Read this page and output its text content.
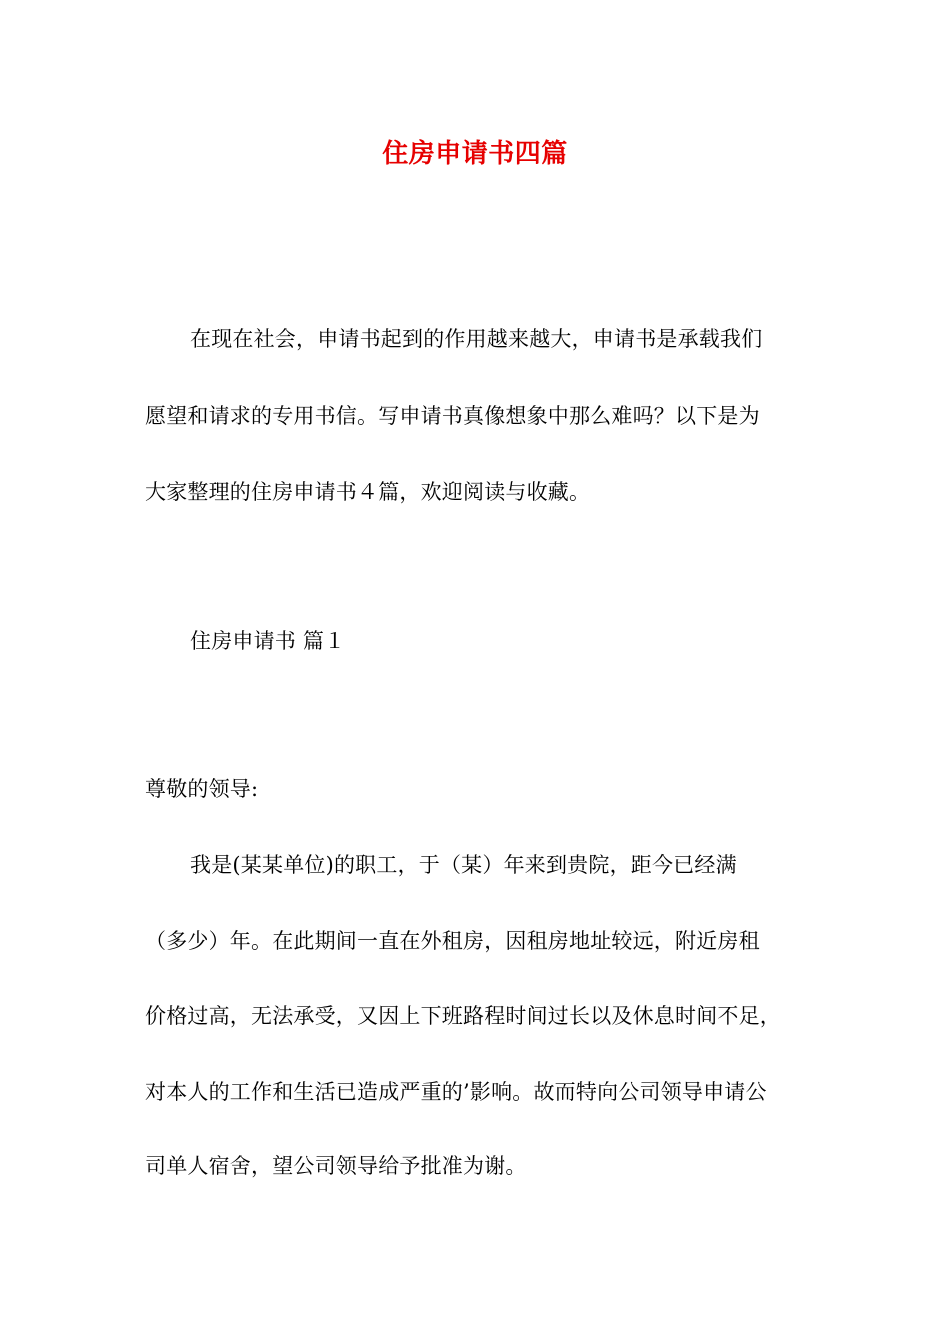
住房申请书四篇
在现在社会，申请书起到的作用越来越大，申请书是承载我们
愿望和请求的专用书信。写申请书真像想象中那么难吗？以下是为
大家整理的住房申请书４篇，欢迎阅读与收藏。
住房申请书 篇１
尊敬的领导:
我是(某某单位)的职工，于（某）年来到贵院，距今已经满
（多少）年。在此期间一直在外租房，因租房地址较远，附近房租
价格过高，无法承受，又因上下班路程时间过长以及休息时间不足，
对本人的工作和生活已造成严重的’影响。故而特向公司领导申请公
司单人宿舍，望公司领导给予批准为谢。
